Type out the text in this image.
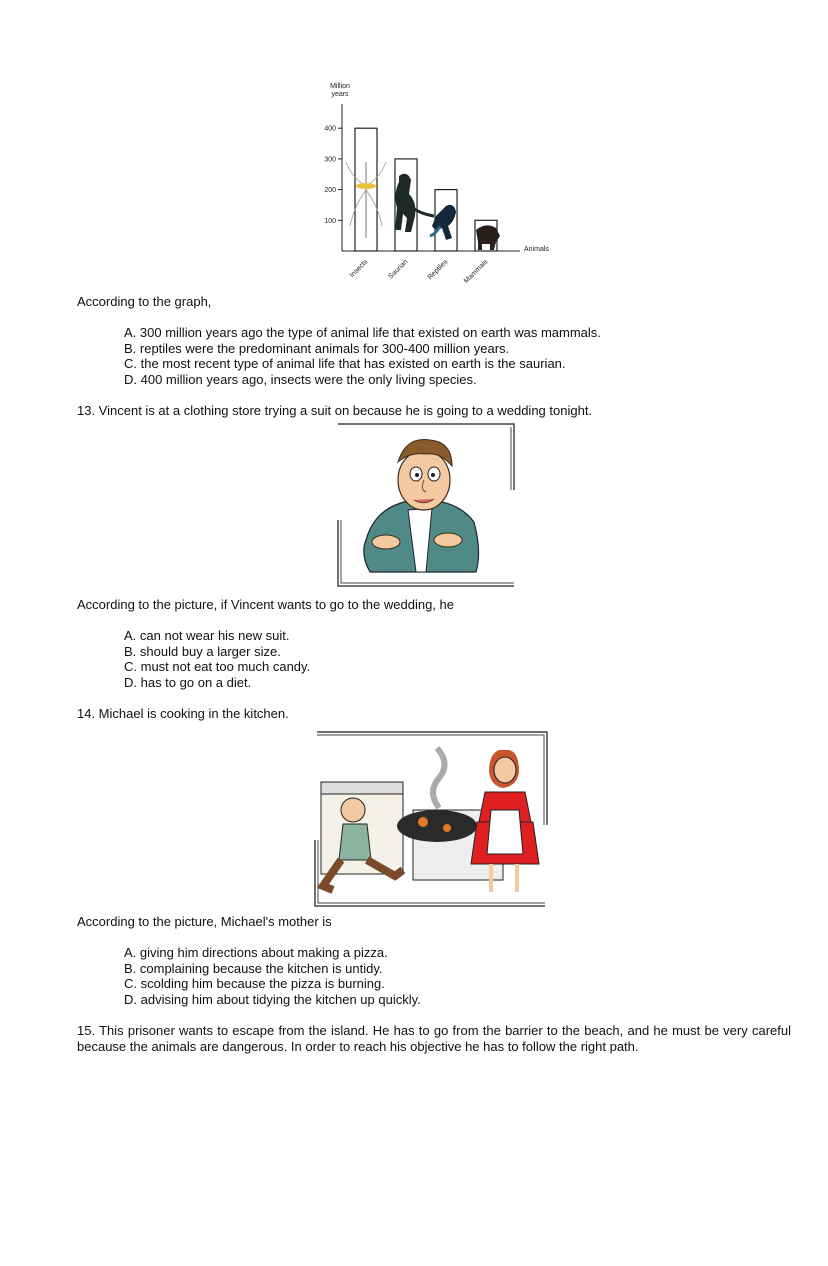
Million
years
Animals
100
200
300
400
Insects	Saurian Reptiles Mammals
According to the graph,
A. 300 million years ago the type of animal life that existed on earth was mammals.
B. reptiles were the predominant animals for 300-400 million years.
C. the most recent type of animal life that has existed on earth is the saurian.
D. 400 million years ago, insects were the only living species.
13. Vincent is at a clothing store trying a suit on because he is going to a wedding tonight.
According to the picture, if Vincent wants to go to the wedding, he
A. can not wear his new suit.
B. should buy a larger size.
C. must not eat too much candy.
D. has to go on a diet.
14. Michael is cooking in the kitchen.
According to the picture, Michael's mother is
A. giving him directions about making a pizza.
B. complaining because the kitchen is untidy.
C. scolding him because the pizza is burning.
D. advising him about tidying the kitchen up quickly.
15. This prisoner wants to escape from the island. He has to go from the barrier to the beach, and he must be very careful because the animals are dangerous. In order to reach his objective he has to follow the right path.
